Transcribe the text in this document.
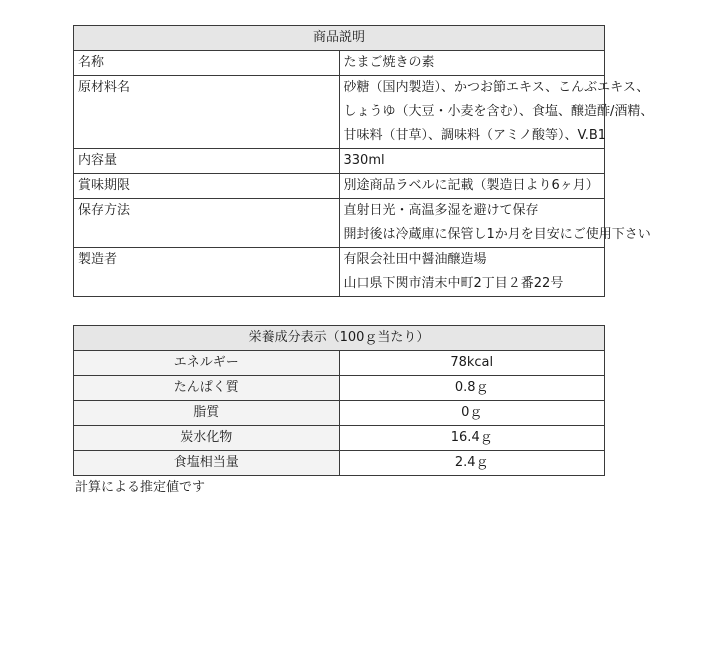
商品説明	
名称	たまご焼きの素

原材料名	砂糖（国内製造）、かつお節エキス、こんぶエキス、
しょうゆ（大豆・小麦を含む）、食塩、醸造酢/酒精、
甘味料（甘草）、調味料（アミノ酸等）、V.B1

内容量	330ml

賞味期限	別途商品ラベルに記載（製造日より6ヶ月）

保存方法	直射日光・高温多湿を避けて保存
開封後は冷蔵庫に保管し1か月を目安にご使用下さい

製造者	有限会社田中醤油醸造場
山口県下関市清末中町2丁目２番22号
栄養成分表示（100ｇ当たり）	
エネルギー	78kcal
たんぱく質	0.8ｇ
脂質	0ｇ
炭水化物	16.4ｇ
食塩相当量	2.4ｇ
計算による推定値です
